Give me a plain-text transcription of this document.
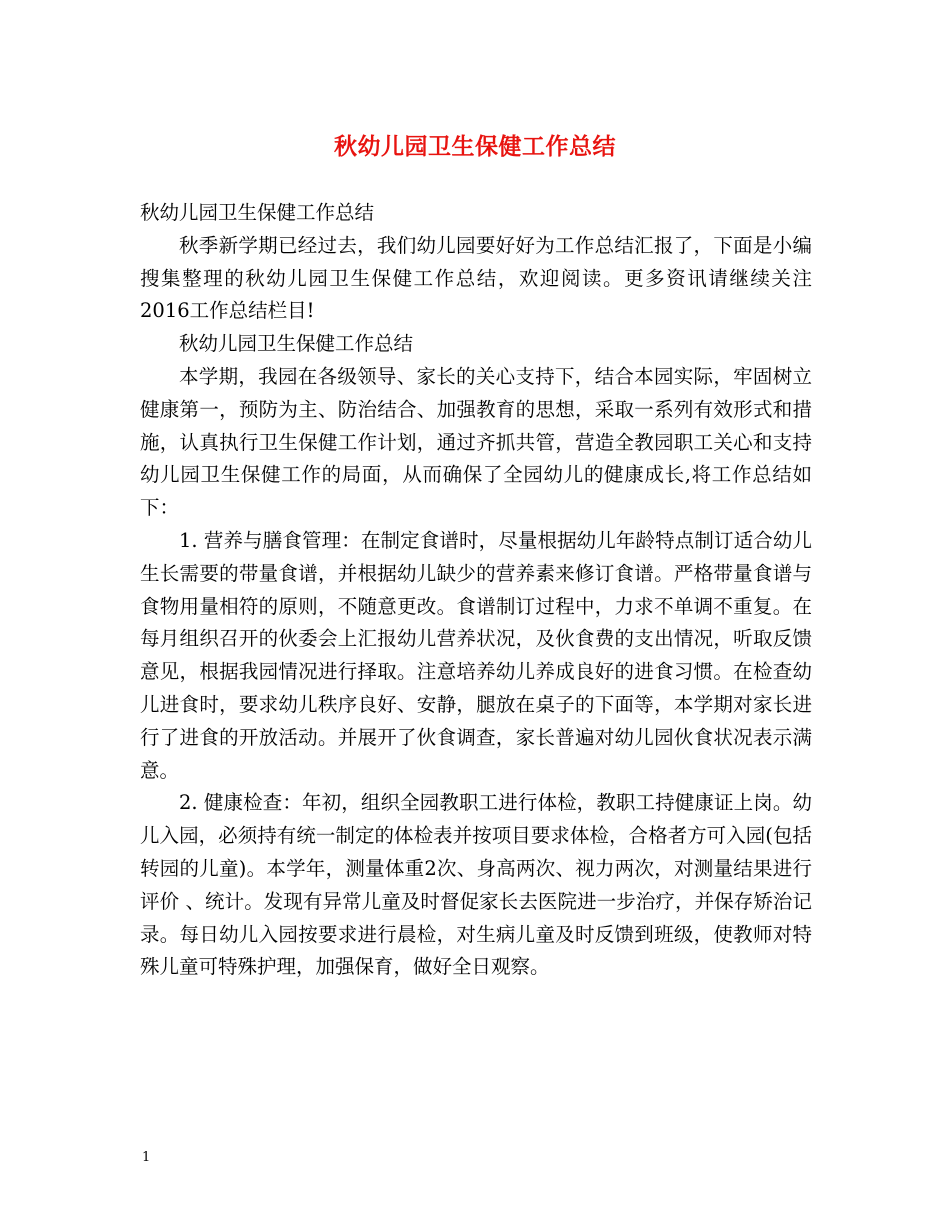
秋幼儿园卫生保健工作总结

秋幼儿园卫生保健工作总结

秋季新学期已经过去，我们幼儿园要好好为工作总结汇报了，下面是小编搜集整理的秋幼儿园卫生保健工作总结，欢迎阅读。更多资讯请继续关注2016工作总结栏目!

秋幼儿园卫生保健工作总结

本学期，我园在各级领导、家长的关心支持下，结合本园实际，牢固树立健康第一，预防为主、防治结合、加强教育的思想，采取一系列有效形式和措施，认真执行卫生保健工作计划，通过齐抓共管，营造全教园职工关心和支持幼儿园卫生保健工作的局面，从而确保了全园幼儿的健康成长,将工作总结如下：

1. 营养与膳食管理：在制定食谱时，尽量根据幼儿年龄特点制订适合幼儿生长需要的带量食谱，并根据幼儿缺少的营养素来修订食谱。严格带量食谱与食物用量相符的原则，不随意更改。食谱制订过程中，力求不单调不重复。在每月组织召开的伙委会上汇报幼儿营养状况，及伙食费的支出情况，听取反馈意见，根据我园情况进行择取。注意培养幼儿养成良好的进食习惯。在检查幼儿进食时，要求幼儿秩序良好、安静，腿放在桌子的下面等，本学期对家长进行了进食的开放活动。并展开了伙食调查，家长普遍对幼儿园伙食状况表示满意。

2. 健康检查：年初，组织全园教职工进行体检，教职工持健康证上岗。幼儿入园，必须持有统一制定的体检表并按项目要求体检，合格者方可入园(包括转园的儿童)。本学年，测量体重2次、身高两次、视力两次，对测量结果进行评价 、统计。发现有异常儿童及时督促家长去医院进一步治疗，并保存矫治记录。每日幼儿入园按要求进行晨检，对生病儿童及时反馈到班级，使教师对特殊儿童可特殊护理，加强保育，做好全日观察。

1
